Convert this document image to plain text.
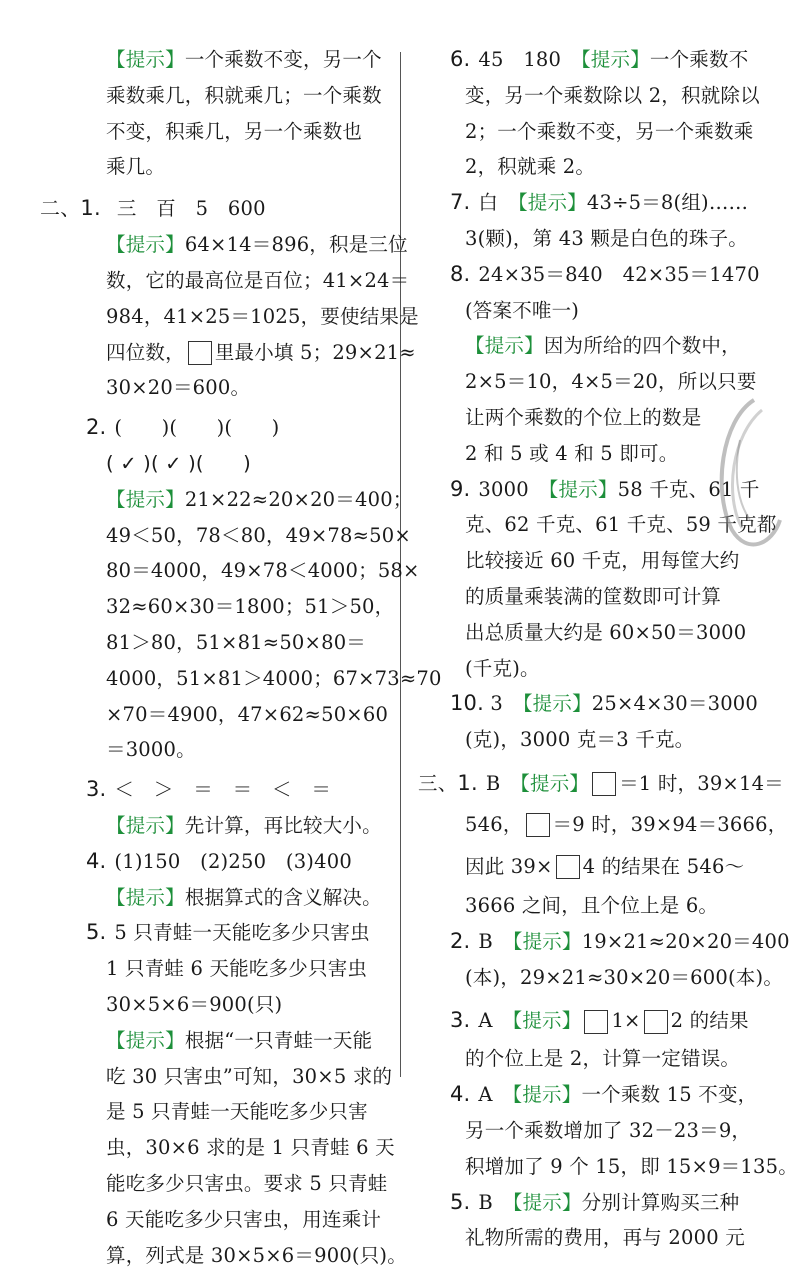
【提示】一个乘数不变，另一个
乘数乘几，积就乘几；一个乘数
不变，积乘几，另一个乘数也
乘几。
二、1. 三　百　5　600
【提示】64×14＝896，积是三位
数，它的最高位是百位；41×24＝
984，41×25＝1025，要使结果是
四位数， 里最小填 5；29×21≈
30×20＝600。
2. (　　)(　　)(　　)
( ✓ )( ✓ )(　　)
【提示】21×22≈20×20＝400；
49＜50，78＜80，49×78≈50×
80＝4000，49×78＜4000；58×
32≈60×30＝1800；51＞50，
81＞80，51×81≈50×80＝
4000，51×81＞4000；67×73≈70
×70＝4900，47×62≈50×60
＝3000。
3. ＜　＞　＝　＝　＜　＝
【提示】先计算，再比较大小。
4. (1)150　(2)250　(3)400
【提示】根据算式的含义解决。
5. 5 只青蛙一天能吃多少只害虫
1 只青蛙 6 天能吃多少只害虫
30×5×6＝900(只)
【提示】根据“一只青蛙一天能
吃 30 只害虫”可知，30×5 求的
是 5 只青蛙一天能吃多少只害
虫，30×6 求的是 1 只青蛙 6 天
能吃多少只害虫。要求 5 只青蛙
6 天能吃多少只害虫，用连乘计
算，列式是 30×5×6＝900(只)。
6. 45　180　【提示】一个乘数不
变，另一个乘数除以 2，积就除以
2；一个乘数不变，另一个乘数乘
2，积就乘 2。
7. 白　【提示】43÷5＝8(组)……
3(颗)，第 43 颗是白色的珠子。
8. 24×35＝840　42×35＝1470
(答案不唯一)
【提示】因为所给的四个数中，
2×5＝10，4×5＝20，所以只要
让两个乘数的个位上的数是
2 和 5 或 4 和 5 即可。
9. 3000　【提示】58 千克、61 千
克、62 千克、61 千克、59 千克都
比较接近 60 千克，用每筐大约
的质量乘装满的筐数即可计算
出总质量大约是 60×50＝3000
(千克)。
10. 3　【提示】25×4×30＝3000
(克)，3000 克＝3 千克。
三、1. B　【提示】 ＝1 时，39×14＝
546， ＝9 时，39×94＝3666，
因此 39× 4 的结果在 546～
3666 之间，且个位上是 6。
2. B　【提示】19×21≈20×20＝400
(本)，29×21≈30×20＝600(本)。
3. A　【提示】 1× 2 的结果
的个位上是 2，计算一定错误。
4. A　【提示】一个乘数 15 不变，
另一个乘数增加了 32－23＝9，
积增加了 9 个 15，即 15×9＝135。
5. B　【提示】分别计算购买三种
礼物所需的费用，再与 2000 元
